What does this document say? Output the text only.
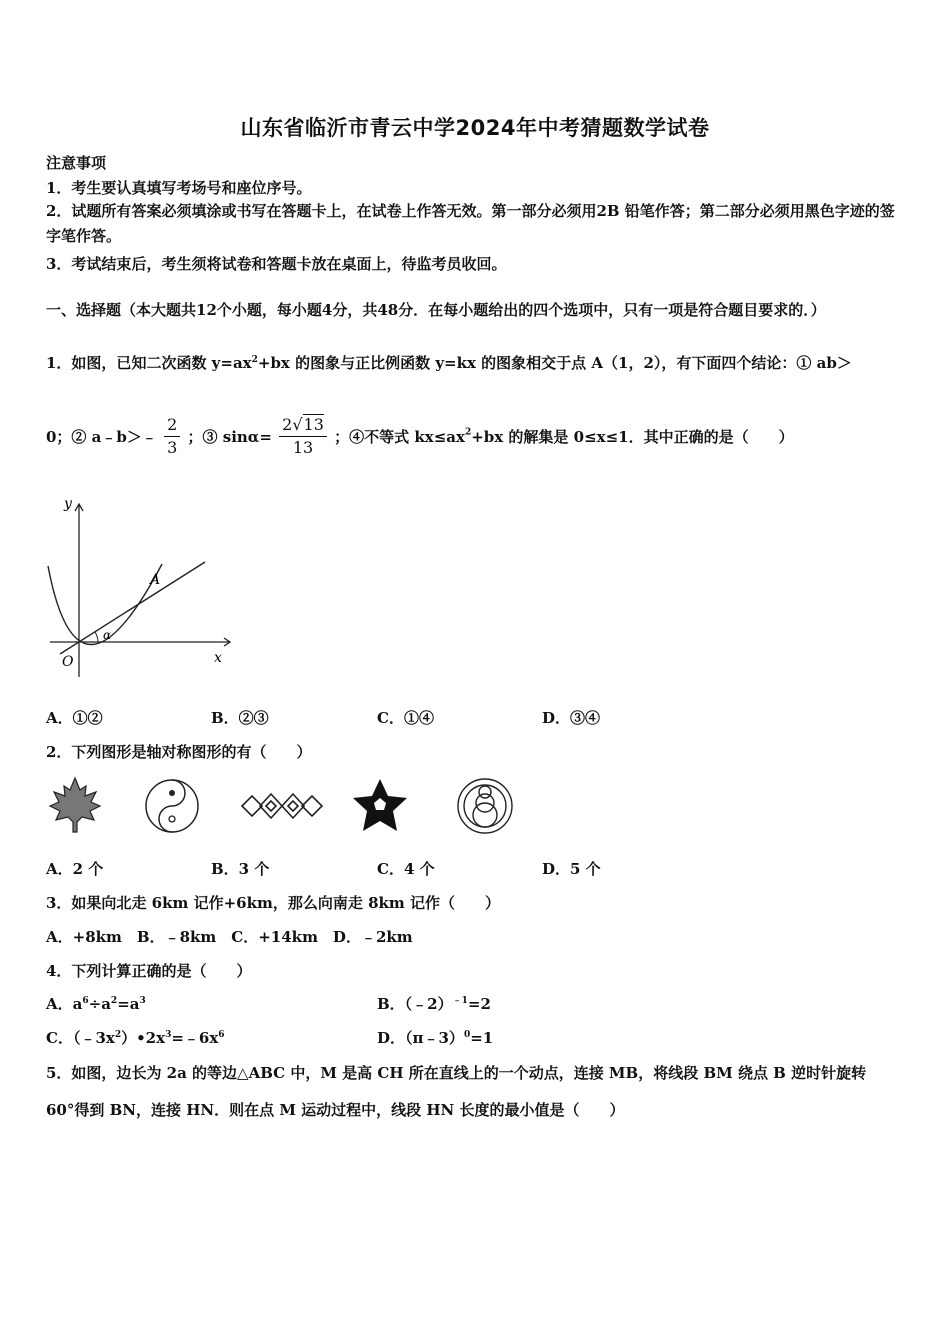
山东省临沂市青云中学2024年中考猜题数学试卷
注意事项
1．考生要认真填写考场号和座位序号。
2．试题所有答案必须填涂或书写在答题卡上，在试卷上作答无效。第一部分必须用2B 铅笔作答；第二部分必须用黑色字迹的签字笔作答。
3．考试结束后，考生须将试卷和答题卡放在桌面上，待监考员收回。
一、选择题（本大题共12个小题，每小题4分，共48分．在每小题给出的四个选项中，只有一项是符合题目要求的．）
1．如图，已知二次函数 $y=ax^2+bx$ 的图象与正比例函数 y=kx 的图象相交于点 A（1，2），有下面四个结论：① ab＞
0；② a﹣b＞﹣ $\frac{2}{3}$ ；③ $\sin\alpha= \frac{2√13}{13}$ ；④不等式 $kx\le ax^2+bx$ 的解集是 0≤x≤1．其中正确的是（　　）
y
x
O
A
α
A．①②	B．②③	C．①④	D．③④
2．下列图形是轴对称图形的有（　　）
A．2 个	B．3 个	C．4 个	D．5 个
3．如果向北走 6km 记作+6km，那么向南走 8km 记作（　　）
A．+8km　B．﹣8km　C．+14km　D．﹣2km
4．下列计算正确的是（　　）
A．$a^6\div a^2=a^3$	B．（﹣2）$^{﹣1}$=2
C．$(﹣3x^2)•2x^3=﹣6x^6$	D．（π﹣3）$^0$=1
5．如图，边长为 2a 的等边△ABC 中，M 是高 CH 所在直线上的一个动点，连接 MB，将线段 BM 绕点 B 逆时针旋转
60°得到 BN，连接 HN．则在点 M 运动过程中，线段 HN 长度的最小值是（　　）
